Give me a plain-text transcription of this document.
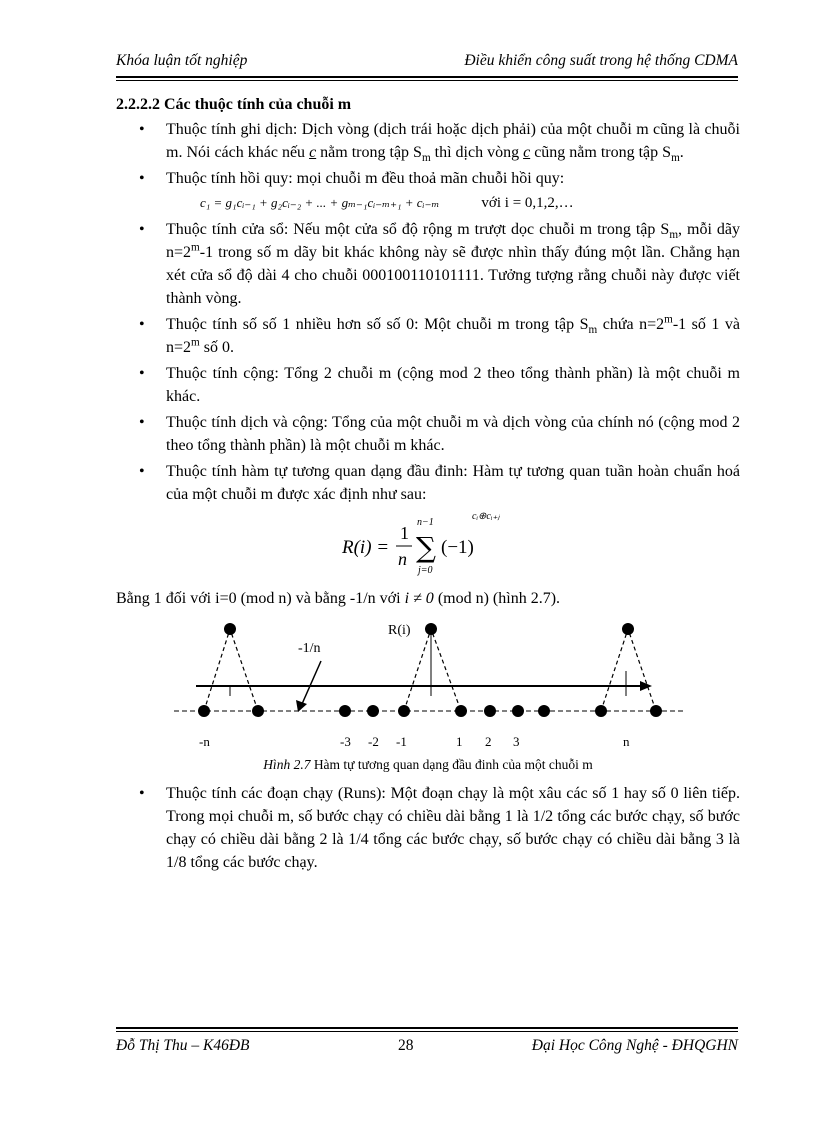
Khóa luận tốt nghiệp	Điều khiển công suất trong hệ thống CDMA
2.2.2.2 Các thuộc tính của chuỗi m
• Thuộc tính ghi dịch: Dịch vòng (dịch trái hoặc dịch phải) của một chuỗi m cũng là chuỗi m. Nói cách khác nếu c nằm trong tập $S_m$ thì dịch vòng c cũng nằm trong tập $S_m$.
• Thuộc tính hồi quy: mọi chuỗi m đều thoả mãn chuỗi hồi quy:
c₁ = g₁cᵢ₋₁ + g₂cᵢ₋₂ + ... + gₘ₋₁cᵢ₋ₘ₊₁ + cᵢ₋ₘ	với i = 0,1,2,…
• Thuộc tính cửa sổ: Nếu một cửa sổ độ rộng m trượt dọc chuỗi m trong tập $S_m$, mỗi dãy $n=2^m-1$ trong số m dãy bit khác không này sẽ được nhìn thấy đúng một lần. Chẳng hạn xét cửa sổ độ dài 4 cho chuỗi 000100110101111. Tưởng tượng rằng chuỗi này được viết thành vòng.
• Thuộc tính số số 1 nhiều hơn số số 0: Một chuỗi m trong tập $S_m$ chứa $n=2^m-1$ số 1 và $n=2^m$ số 0.
• Thuộc tính cộng: Tổng 2 chuỗi m (cộng mod 2 theo tổng thành phần) là một chuỗi m khác.
• Thuộc tính dịch và cộng: Tổng của một chuỗi m và dịch vòng của chính nó (cộng mod 2 theo tổng thành phần) là một chuỗi m khác.
• Thuộc tính hàm tự tương quan dạng đầu đinh: Hàm tự tương quan tuần hoàn chuẩn hoá của một chuỗi m được xác định như sau:
R(i) =
1
n
n−1
∑
j=0
(−1)
cᵢ⊕cᵢ₊ⱼ

Bằng 1 đối với i=0 (mod n) và bằng -1/n với i ≠ 0 (mod n) (hình 2.7).

R(i)
-1/n
-n	-3 -2 -1	1 2 3	n

Hình 2.7 Hàm tự tương quan dạng đầu đinh của một chuỗi m

• Thuộc tính các đoạn chạy (Runs): Một đoạn chạy là một xâu các số 1 hay số 0 liên tiếp. Trong mọi chuỗi m, số bước chạy có chiều dài bằng 1 là 1/2 tổng các bước chạy, số bước chạy có chiều dài bằng 2 là 1/4 tổng các bước chạy, số bước chạy có chiều dài bằng 3 là 1/8 tổng các bước chạy.
Đỗ Thị Thu – K46ĐB	28	Đại Học Công Nghệ - ĐHQGHN
